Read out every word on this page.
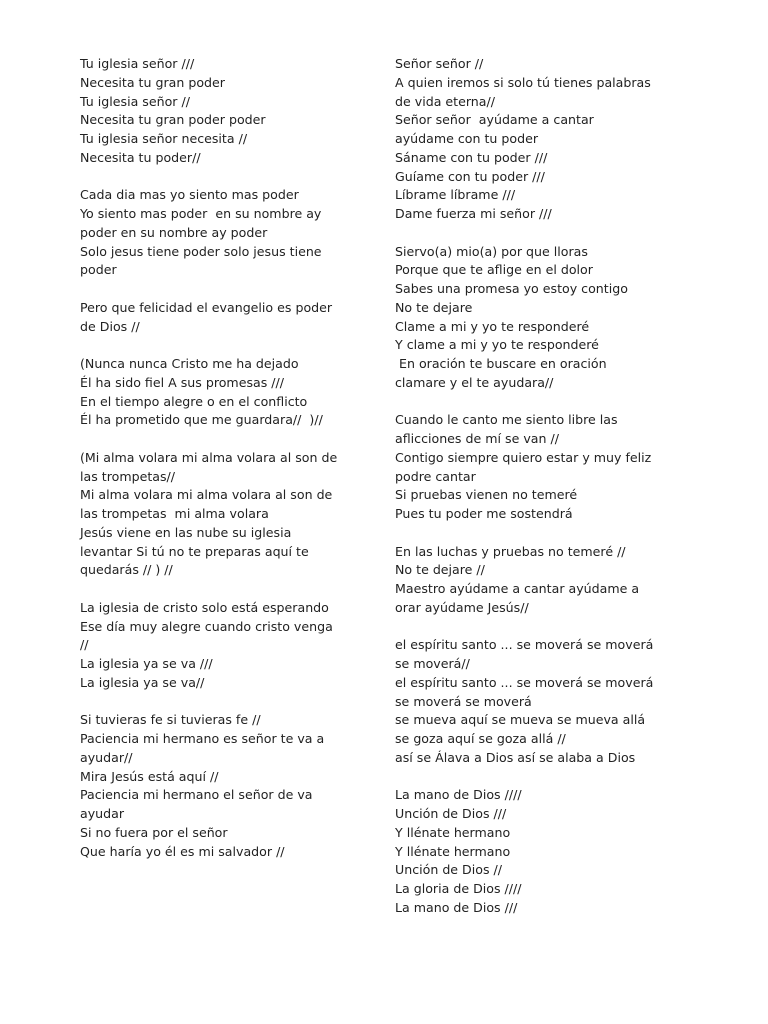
Tu iglesia señor ///
Necesita tu gran poder
Tu iglesia señor //
Necesita tu gran poder poder
Tu iglesia señor necesita //
Necesita tu poder//
Cada dia mas yo siento mas poder
Yo siento mas poder  en su nombre ay
poder en su nombre ay poder
Solo jesus tiene poder solo jesus tiene
poder
Pero que felicidad el evangelio es poder
de Dios //
(Nunca nunca Cristo me ha dejado
Él ha sido fiel A sus promesas ///
En el tiempo alegre o en el conflicto
Él ha prometido que me guardara//  )//
(Mi alma volara mi alma volara al son de
las trompetas//
Mi alma volara mi alma volara al son de
las trompetas  mi alma volara
Jesús viene en las nube su iglesia
levantar Si tú no te preparas aquí te
quedarás // ) //
La iglesia de cristo solo está esperando
Ese día muy alegre cuando cristo venga
//
La iglesia ya se va ///
La iglesia ya se va//
Si tuvieras fe si tuvieras fe //
Paciencia mi hermano es señor te va a
ayudar//
Mira Jesús está aquí //
Paciencia mi hermano el señor de va
ayudar
Si no fuera por el señor
Que haría yo él es mi salvador //
Señor señor //
A quien iremos si solo tú tienes palabras
de vida eterna//
Señor señor  ayúdame a cantar
ayúdame con tu poder
Sáname con tu poder ///
Guíame con tu poder ///
Líbrame líbrame ///
Dame fuerza mi señor ///
Siervo(a) mio(a) por que lloras
Porque que te aflige en el dolor
Sabes una promesa yo estoy contigo
No te dejare
Clame a mi y yo te responderé
Y clame a mi y yo te responderé
En oración te buscare en oración
clamare y el te ayudara//
Cuando le canto me siento libre las
aflicciones de mí se van //
Contigo siempre quiero estar y muy feliz
podre cantar
Si pruebas vienen no temeré
Pues tu poder me sostendrá
En las luchas y pruebas no temeré //
No te dejare //
Maestro ayúdame a cantar ayúdame a
orar ayúdame Jesús//
el espíritu santo ... se moverá se moverá
se moverá//
el espíritu santo ... se moverá se moverá
se moverá se moverá
se mueva aquí se mueva se mueva allá
se goza aquí se goza allá //
así se Álava a Dios así se alaba a Dios
La mano de Dios ////
Unción de Dios ///
Y llénate hermano
Y llénate hermano
Unción de Dios //
La gloria de Dios ////
La mano de Dios ///
